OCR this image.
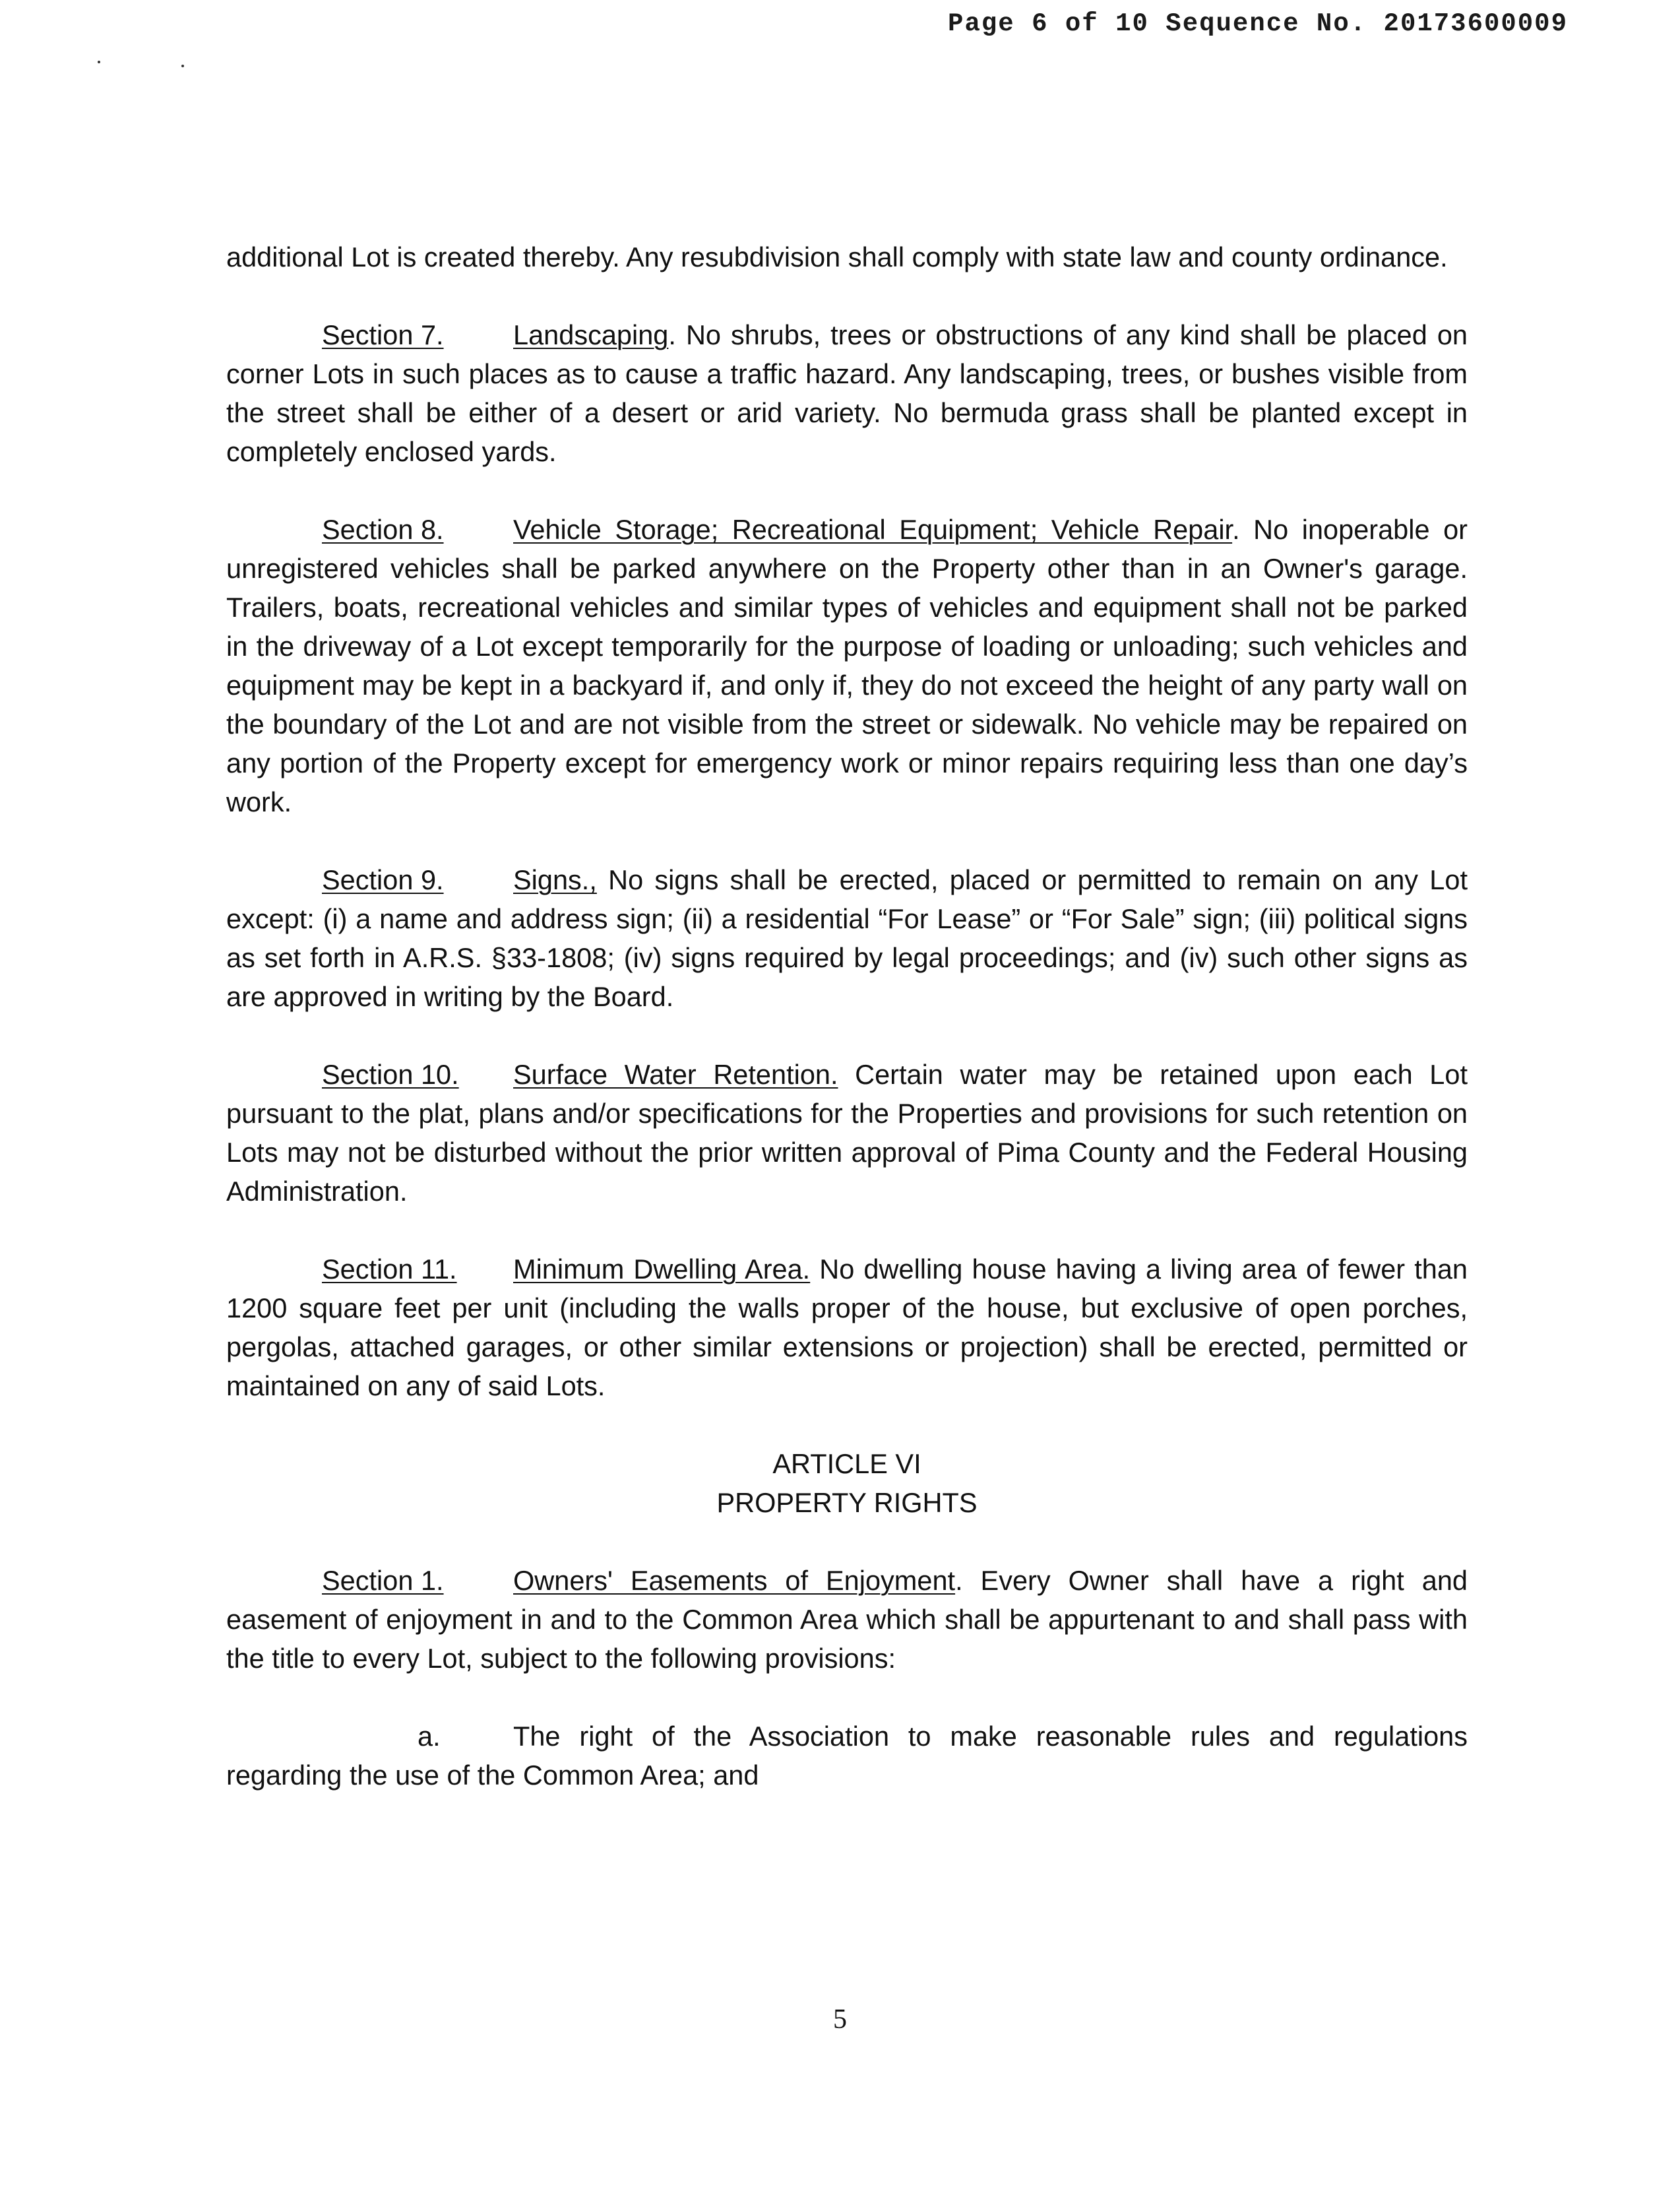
Page 6 of 10 Sequence No. 20173600009

additional Lot is created thereby. Any resubdivision shall comply with state law and county ordinance.

Section 7.	Landscaping. No shrubs, trees or obstructions of any kind shall be placed on corner Lots in such places as to cause a traffic hazard. Any landscaping, trees, or bushes visible from the street shall be either of a desert or arid variety. No bermuda grass shall be planted except in completely enclosed yards.

Section 8.	Vehicle Storage; Recreational Equipment; Vehicle Repair. No inoperable or unregistered vehicles shall be parked anywhere on the Property other than in an Owner's garage. Trailers, boats, recreational vehicles and similar types of vehicles and equipment shall not be parked in the driveway of a Lot except temporarily for the purpose of loading or unloading; such vehicles and equipment may be kept in a backyard if, and only if, they do not exceed the height of any party wall on the boundary of the Lot and are not visible from the street or sidewalk. No vehicle may be repaired on any portion of the Property except for emergency work or minor repairs requiring less than one day’s work.

Section 9.	Signs., No signs shall be erected, placed or permitted to remain on any Lot except: (i) a name and address sign; (ii) a residential “For Lease” or “For Sale” sign; (iii) political signs as set forth in A.R.S. §33-1808; (iv) signs required by legal proceedings; and (iv) such other signs as are approved in writing by the Board.

Section 10. Surface Water Retention. Certain water may be retained upon each Lot pursuant to the plat, plans and/or specifications for the Properties and provisions for such retention on Lots may not be disturbed without the prior written approval of Pima County and the Federal Housing Administration.

Section 11. Minimum Dwelling Area. No dwelling house having a living area of fewer than 1200 square feet per unit (including the walls proper of the house, but exclusive of open porches, pergolas, attached garages, or other similar extensions or projection) shall be erected, permitted or maintained on any of said Lots.

ARTICLE VI
PROPERTY RIGHTS

Section 1.	Owners' Easements of Enjoyment. Every Owner shall have a right and easement of enjoyment in and to the Common Area which shall be appurtenant to and shall pass with the title to every Lot, subject to the following provisions:

a.	The right of the Association to make reasonable rules and regulations regarding the use of the Common Area; and

5
